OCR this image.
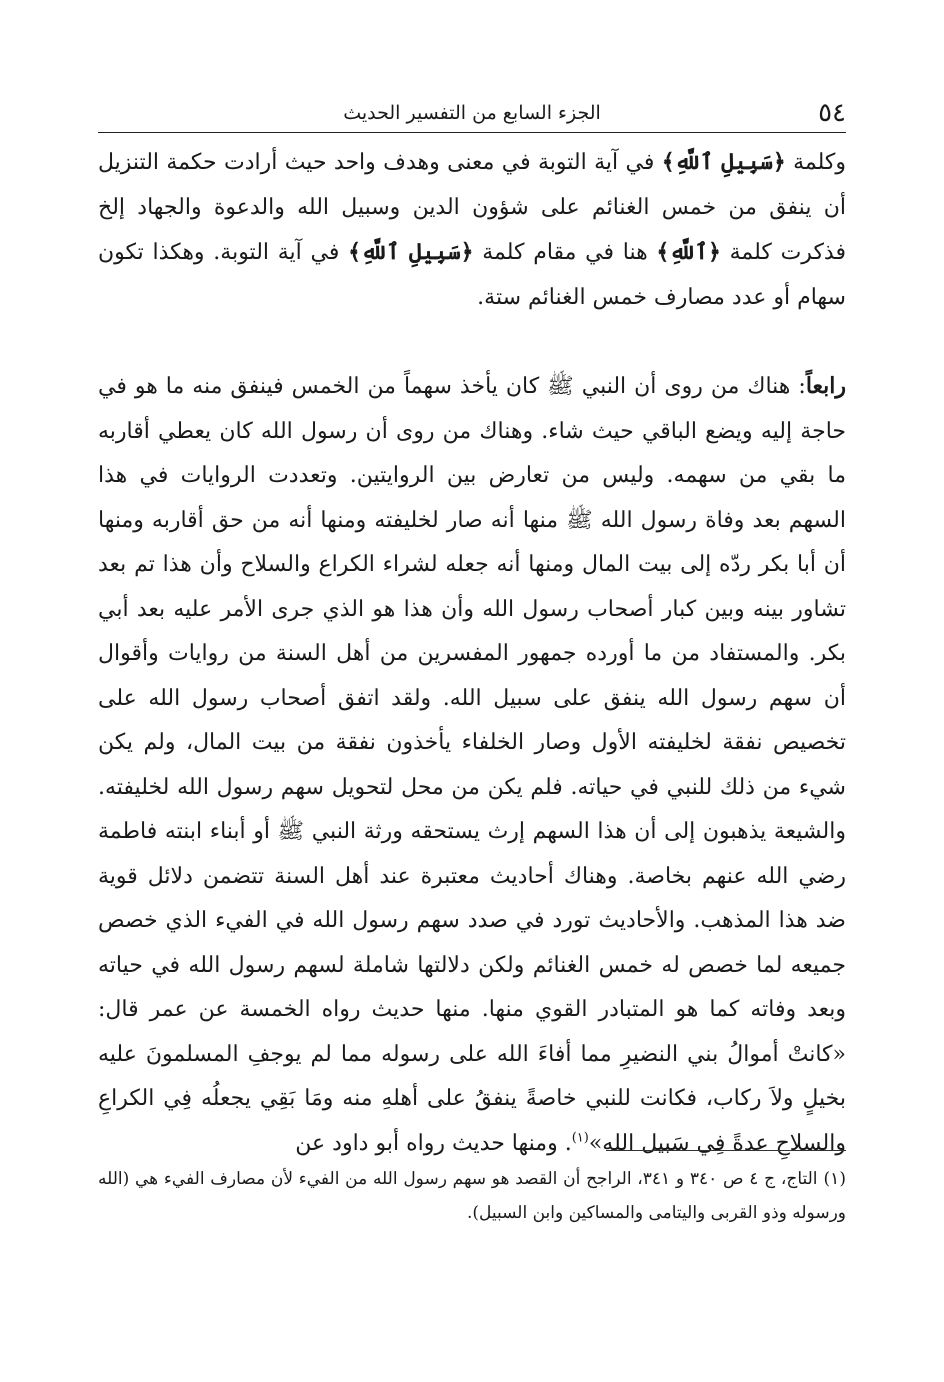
٥٤
الجزء السابع من التفسير الحديث

وكلمة ﴿سَبِيلِ ٱللَّهِ﴾ في آية التوبة في معنى وهدف واحد حيث أرادت حكمة التنزيل أن ينفق من خمس الغنائم على شؤون الدين وسبيل الله والدعوة والجهاد إلخ فذكرت كلمة ﴿ٱللَّهِ﴾ هنا في مقام كلمة ﴿سَبِيلِ ٱللَّهِ﴾ في آية التوبة. وهكذا تكون سهام أو عدد مصارف خمس الغنائم ستة.

رابعاً: هناك من روى أن النبي ﷺ كان يأخذ سهماً من الخمس فينفق منه ما هو في حاجة إليه ويضع الباقي حيث شاء. وهناك من روى أن رسول الله كان يعطي أقاربه ما بقي من سهمه. وليس من تعارض بين الروايتين. وتعددت الروايات في هذا السهم بعد وفاة رسول الله ﷺ منها أنه صار لخليفته ومنها أنه من حق أقاربه ومنها أن أبا بكر ردّه إلى بيت المال ومنها أنه جعله لشراء الكراع والسلاح وأن هذا تم بعد تشاور بينه وبين كبار أصحاب رسول الله وأن هذا هو الذي جرى الأمر عليه بعد أبي بكر. والمستفاد من ما أورده جمهور المفسرين من أهل السنة من روايات وأقوال أن سهم رسول الله ينفق على سبيل الله. ولقد اتفق أصحاب رسول الله على تخصيص نفقة لخليفته الأول وصار الخلفاء يأخذون نفقة من بيت المال، ولم يكن شيء من ذلك للنبي في حياته. فلم يكن من محل لتحويل سهم رسول الله لخليفته. والشيعة يذهبون إلى أن هذا السهم إرث يستحقه ورثة النبي ﷺ أو أبناء ابنته فاطمة رضي الله عنهم بخاصة. وهناك أحاديث معتبرة عند أهل السنة تتضمن دلائل قوية ضد هذا المذهب. والأحاديث تورد في صدد سهم رسول الله في الفيء الذي خصص جميعه لما خصص له خمس الغنائم ولكن دلالتها شاملة لسهم رسول الله في حياته وبعد وفاته كما هو المتبادر القوي منها. منها حديث رواه الخمسة عن عمر قال: «كانتْ أموالُ بني النضيرِ مما أفاءَ الله على رسوله مما لم يوجفِ المسلمونَ عليه بخيلٍ ولاَ ركاب، فكانت للنبي خاصةً ينفقُ على أهلهِ منه ومَا بَقِي يجعلُه فِي الكراعِ والسلاحِ عدةً فِي سَبيل الله»$^{(١)}$. ومنها حديث رواه أبو داود عن

(١)التاج، ج ٤ ص ٣٤٠ و ٣٤١، الراجح أن القصد هو سهم رسول الله من الفيء لأن مصارف الفيء هي (الله ورسوله وذو القربى واليتامى والمساكين وابن السبيل).
